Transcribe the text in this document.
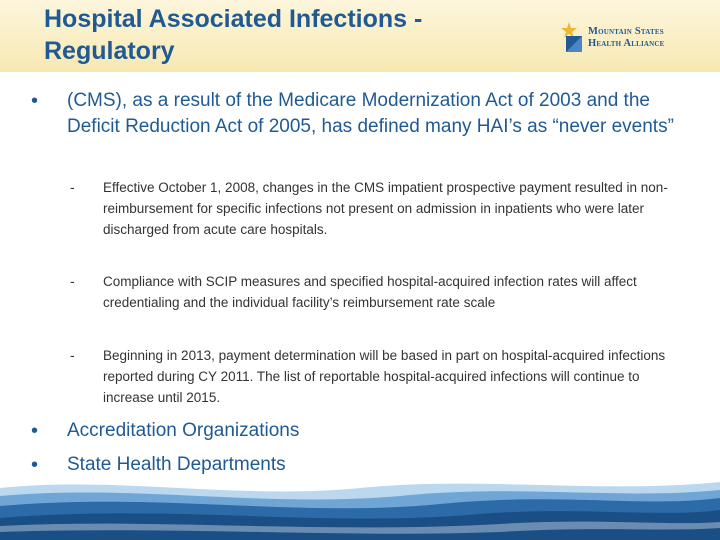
Hospital Associated Infections - Regulatory
Mountain States
Health Alliance
• (CMS), as a result of the Medicare Modernization Act of 2003 and the Deficit Reduction Act of 2005, has defined many HAI’s as “never events”

- Effective October 1, 2008, changes in the CMS impatient prospective payment resulted in non-reimbursement for specific infections not present on admission in inpatients who were later discharged from acute care hospitals.

- Compliance with SCIP measures and specified hospital-acquired infection rates will affect credentialing and the individual facility’s reimbursement rate scale

- Beginning in 2013, payment determination will be based in part on hospital-acquired infections reported during CY 2011. The list of reportable hospital-acquired infections will continue to increase until 2015.

• Accreditation Organizations

• State Health Departments
